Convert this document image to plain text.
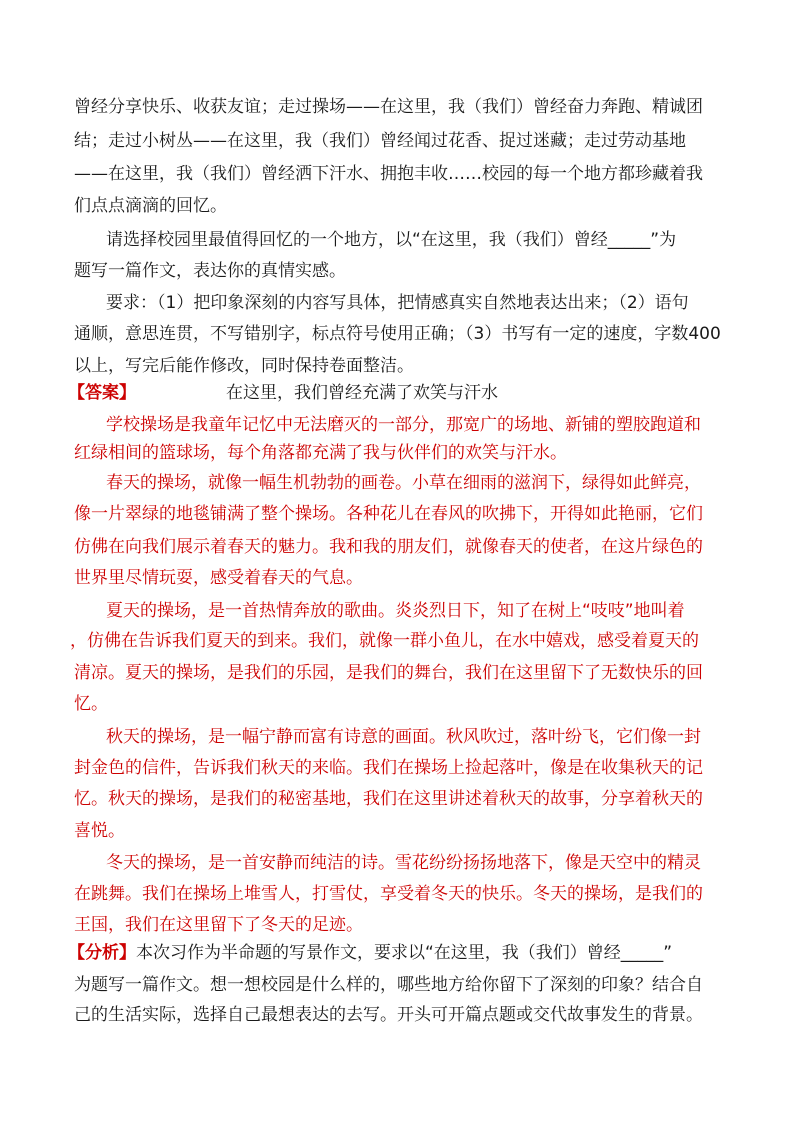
曾经分享快乐、收获友谊；走过操场——在这里，我（我们）曾经奋力奔跑、精诚团
结；走过小树丛——在这里，我（我们）曾经闻过花香、捉过迷藏；走过劳动基地
——在这里，我（我们）曾经洒下汗水、拥抱丰收……校园的每一个地方都珍藏着我
们点点滴滴的回忆。
请选择校园里最值得回忆的一个地方，以“在这里，我（我们）曾经_____”为
题写一篇作文，表达你的真情实感。
要求：（1）把印象深刻的内容写具体，把情感真实自然地表达出来；（2）语句
通顺，意思连贯，不写错别字，标点符号使用正确；（3）书写有一定的速度，字数400
以上，写完后能作修改，同时保持卷面整洁。
【答案】	在这里，我们曾经充满了欢笑与汗水
学校操场是我童年记忆中无法磨灭的一部分，那宽广的场地、新铺的塑胶跑道和
红绿相间的篮球场，每个角落都充满了我与伙伴们的欢笑与汗水。
春天的操场，就像一幅生机勃勃的画卷。小草在细雨的滋润下，绿得如此鲜亮，
像一片翠绿的地毯铺满了整个操场。各种花儿在春风的吹拂下，开得如此艳丽，它们
仿佛在向我们展示着春天的魅力。我和我的朋友们，就像春天的使者，在这片绿色的
世界里尽情玩耍，感受着春天的气息。
夏天的操场，是一首热情奔放的歌曲。炎炎烈日下，知了在树上“吱吱”地叫着
，仿佛在告诉我们夏天的到来。我们，就像一群小鱼儿，在水中嬉戏，感受着夏天的
清凉。夏天的操场，是我们的乐园，是我们的舞台，我们在这里留下了无数快乐的回
忆。
秋天的操场，是一幅宁静而富有诗意的画面。秋风吹过，落叶纷飞，它们像一封
封金色的信件，告诉我们秋天的来临。我们在操场上捡起落叶，像是在收集秋天的记
忆。秋天的操场，是我们的秘密基地，我们在这里讲述着秋天的故事，分享着秋天的
喜悦。
冬天的操场，是一首安静而纯洁的诗。雪花纷纷扬扬地落下，像是天空中的精灵
在跳舞。我们在操场上堆雪人，打雪仗，享受着冬天的快乐。冬天的操场，是我们的
王国，我们在这里留下了冬天的足迹。
【分析】本次习作为半命题的写景作文，要求以“在这里，我（我们）曾经_____”
为题写一篇作文。想一想校园是什么样的，哪些地方给你留下了深刻的印象？结合自
己的生活实际，选择自己最想表达的去写。开头可开篇点题或交代故事发生的背景。
